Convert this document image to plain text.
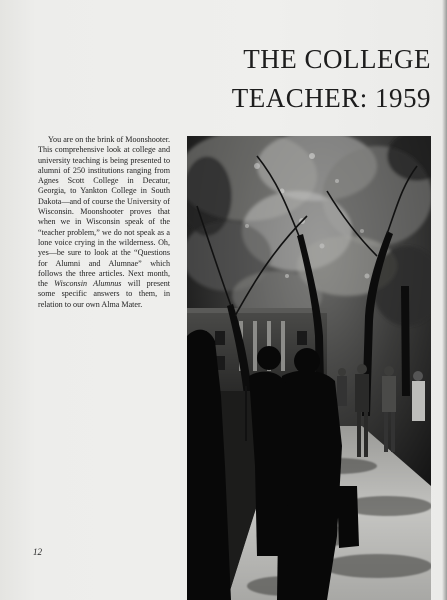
THE COLLEGE
TEACHER: 1959

You are on the brink of Moonshooter. This comprehensive look at college and university teaching is being presented to alumni of 250 institutions ranging from Agnes Scott College in Decatur, Georgia, to Yankton College in South Dakota—and of course the University of Wisconsin. Moonshooter proves that when we in Wisconsin speak of the “teacher problem,” we do not speak as a lone voice crying in the wilderness. Oh, yes—be sure to look at the “Questions for Alumni and Alumnae” which follows the three articles. Next month, the Wisconsin Alumnus will present some specific answers to them, in relation to our own Alma Mater.

12
